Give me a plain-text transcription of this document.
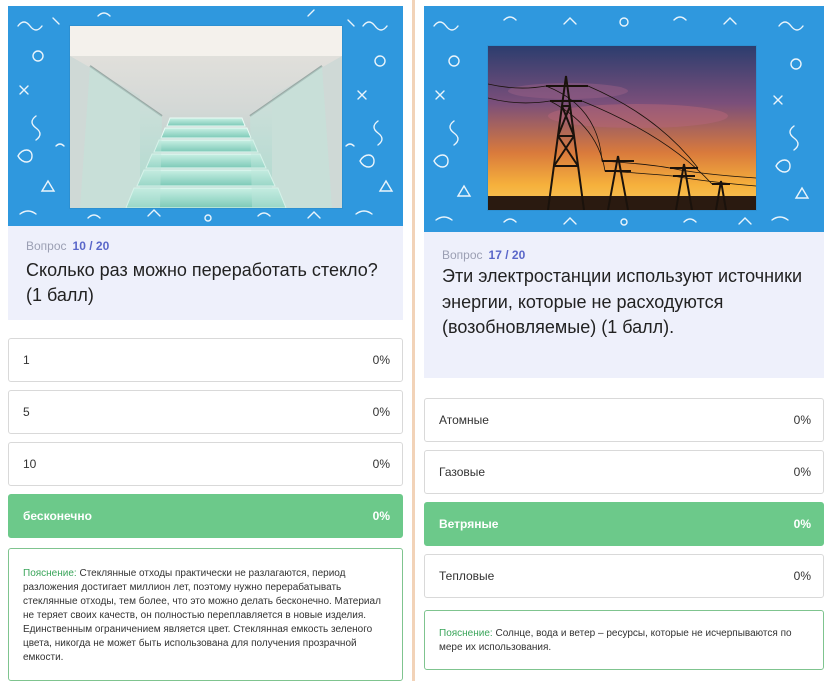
Вопрос 10 / 20
Сколько раз можно переработать стекло? (1 балл)
1	0%
5	0%
10	0%
бесконечно	0%
Пояснение: Стеклянные отходы практически не разлагаются, период разложения достигает миллион лет, поэтому нужно перерабатывать стеклянные отходы, тем более, что это можно делать бесконечно. Материал не теряет своих качеств, он полностью переплавляется в новые изделия. Единственным ограничением является цвет. Стеклянная емкость зеленого цвета, никогда не может быть использована для получения прозрачной емкости.
Вопрос 17 / 20
Эти электростанции используют источники энергии, которые не расходуются (возобновляемые) (1 балл).
Атомные	0%
Газовые	0%
Ветряные	0%
Тепловые	0%
Пояснение: Солнце, вода и ветер – ресурсы, которые не исчерпываются по мере их использования.
